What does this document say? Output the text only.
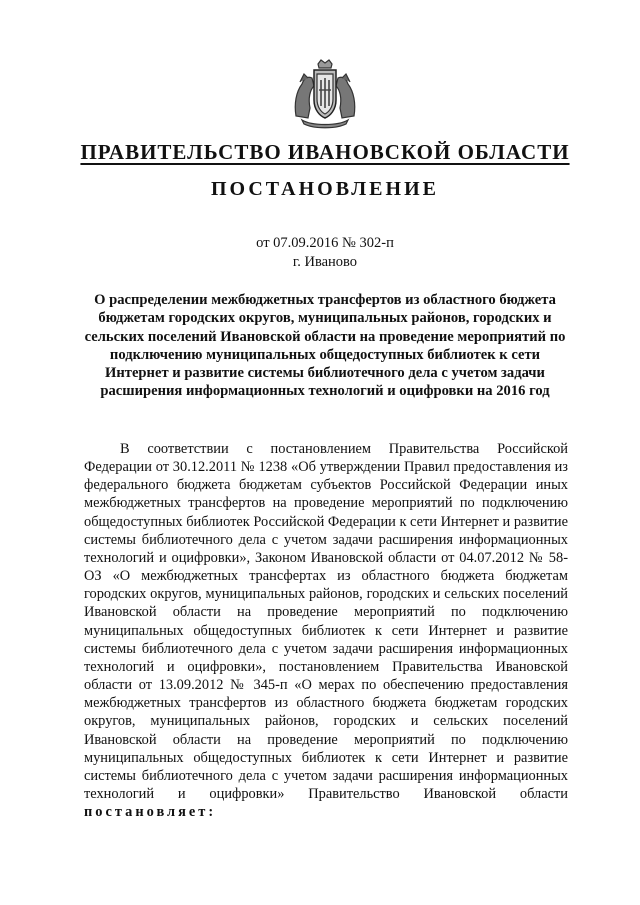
ПРАВИТЕЛЬСТВО ИВАНОВСКОЙ ОБЛАСТИ
ПОСТАНОВЛЕНИЕ
от 07.09.2016 № 302-п
г. Иваново
О распределении межбюджетных трансфертов из областного бюджета бюджетам городских округов, муниципальных районов, городских и сельских поселений Ивановской области на проведение мероприятий по подключению муниципальных общедоступных библиотек к сети Интернет и развитие системы библиотечного дела с учетом задачи расширения информационных технологий и оцифровки на 2016 год
В соответствии с постановлением Правительства Российской Федерации от 30.12.2011 № 1238 «Об утверждении Правил предоставления из федерального бюджета бюджетам субъектов Российской Федерации иных межбюджетных трансфертов на проведение мероприятий по подключению общедоступных библиотек Российской Федерации к сети Интернет и развитие системы библиотечного дела с учетом задачи расширения информационных технологий и оцифровки», Законом Ивановской области от 04.07.2012 № 58-ОЗ «О межбюджетных трансфертах из областного бюджета бюджетам городских округов, муниципальных районов, городских и сельских поселений Ивановской области на проведение мероприятий по подключению муниципальных общедоступных библиотек к сети Интернет и развитие системы библиотечного дела с учетом задачи расширения информационных технологий и оцифровки», постановлением Правительства Ивановской области от 13.09.2012 № 345-п «О мерах по обеспечению предоставления межбюджетных трансфертов из областного бюджета бюджетам городских округов, муниципальных районов, городских и сельских поселений Ивановской области на проведение мероприятий по подключению муниципальных общедоступных библиотек к сети Интернет и развитие системы библиотечного дела с учетом задачи расширения информационных технологий и оцифровки» Правительство Ивановской области постановляет:
